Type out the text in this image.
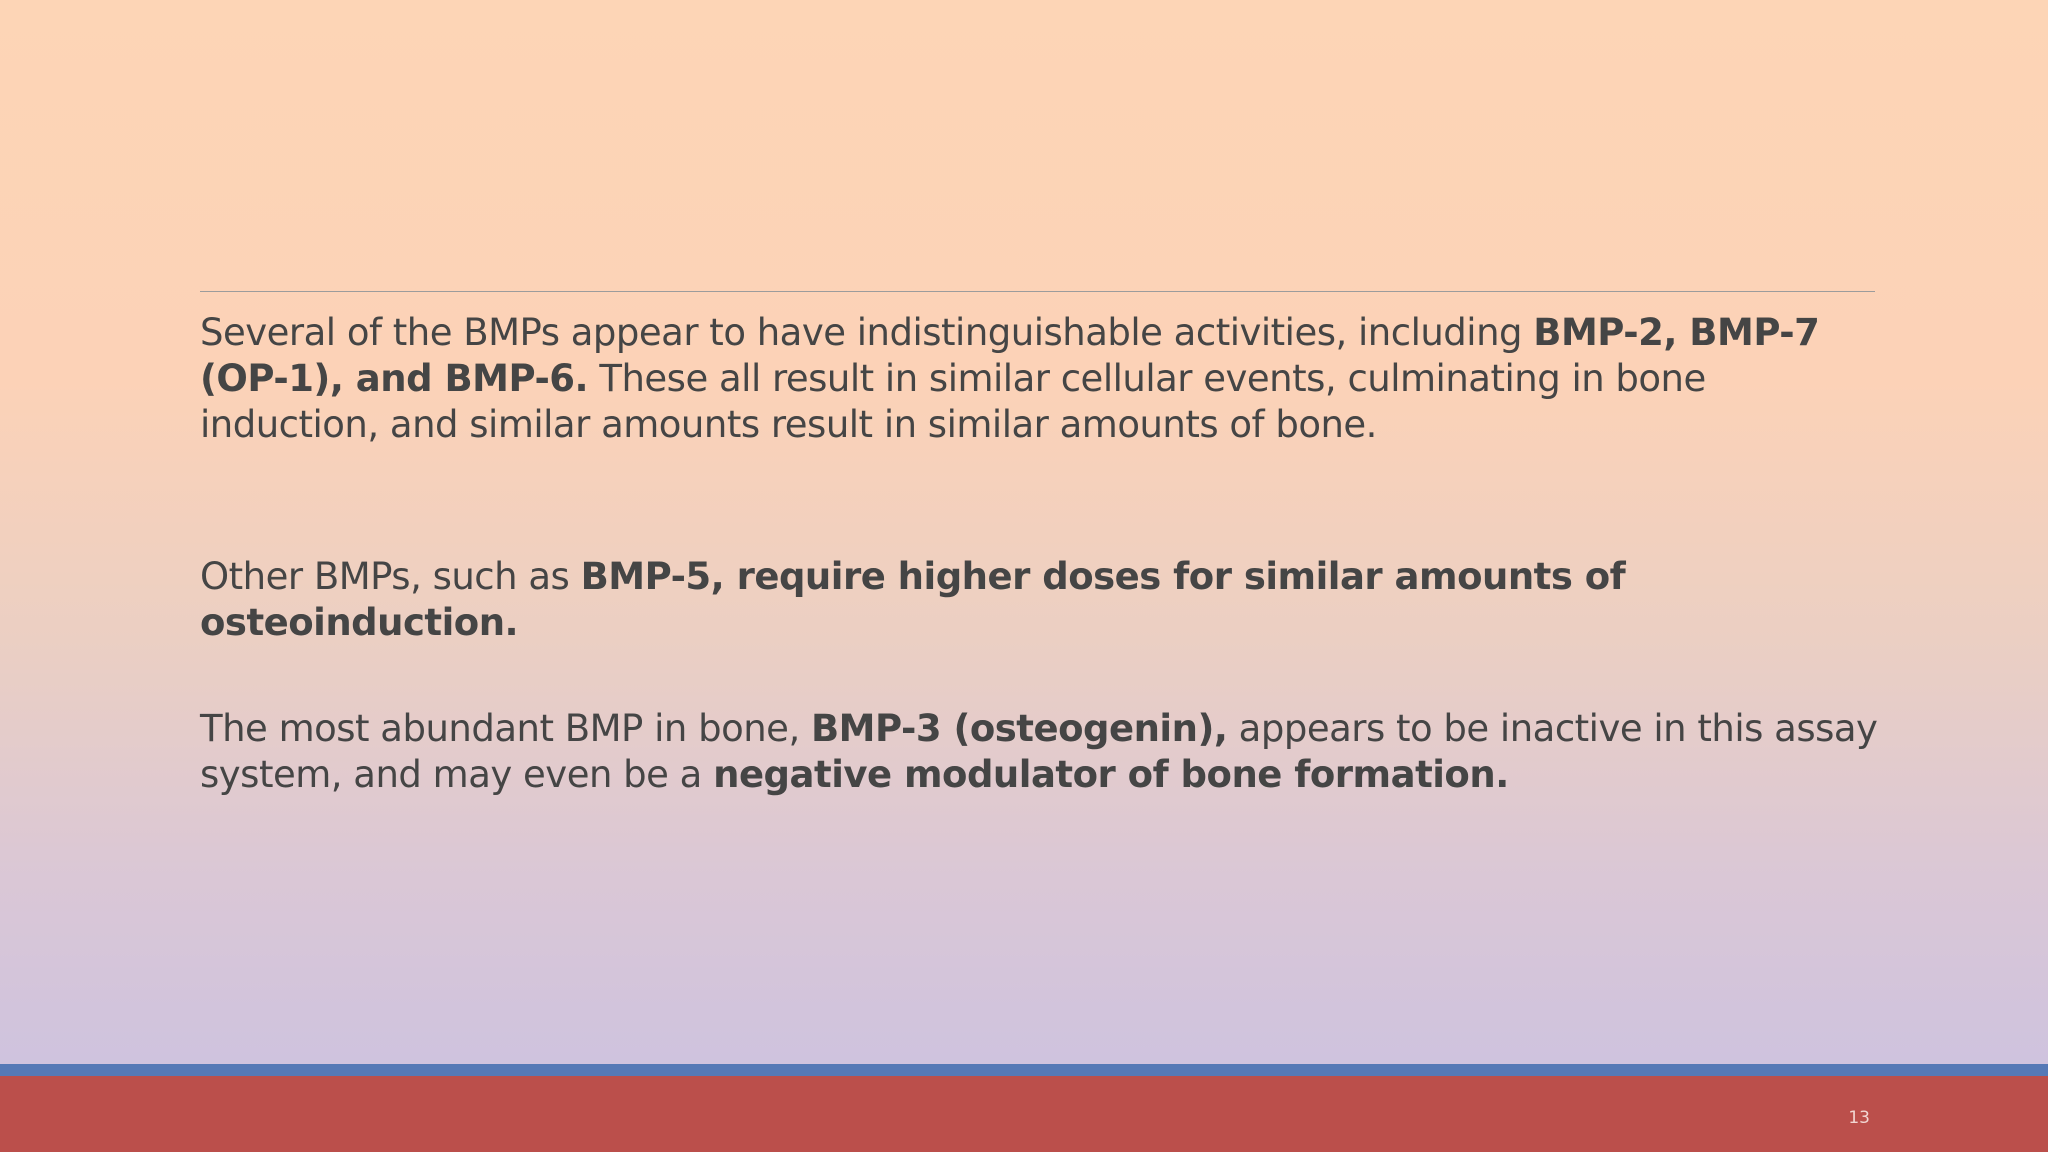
Several of the BMPs appear to have indistinguishable activities, including BMP-2, BMP-7 (OP-1), and BMP-6. These all result in similar cellular events, culminating in bone induction, and similar amounts result in similar amounts of bone.

Other BMPs, such as BMP-5, require higher doses for similar amounts of osteoinduction.

The most abundant BMP in bone, BMP-3 (osteogenin), appears to be inactive in this assay system, and may even be a negative modulator of bone formation.

13
